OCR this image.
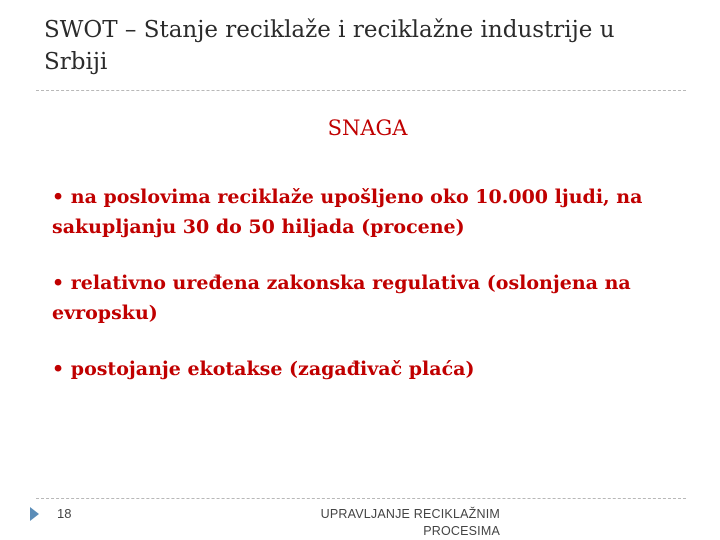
SWOT – Stanje reciklaže i reciklažne industrije u Srbiji
SNAGA
• na poslovima reciklaže upošljeno oko 10.000 ljudi, na sakupljanju 30 do 50 hiljada (procene)
• relativno uređena zakonska regulativa (oslonjena na evropsku)
• postojanje ekotakse (zagađivač plaća)
18	UPRAVLJANJE RECIKLAŽNIM
PROCESIMA
